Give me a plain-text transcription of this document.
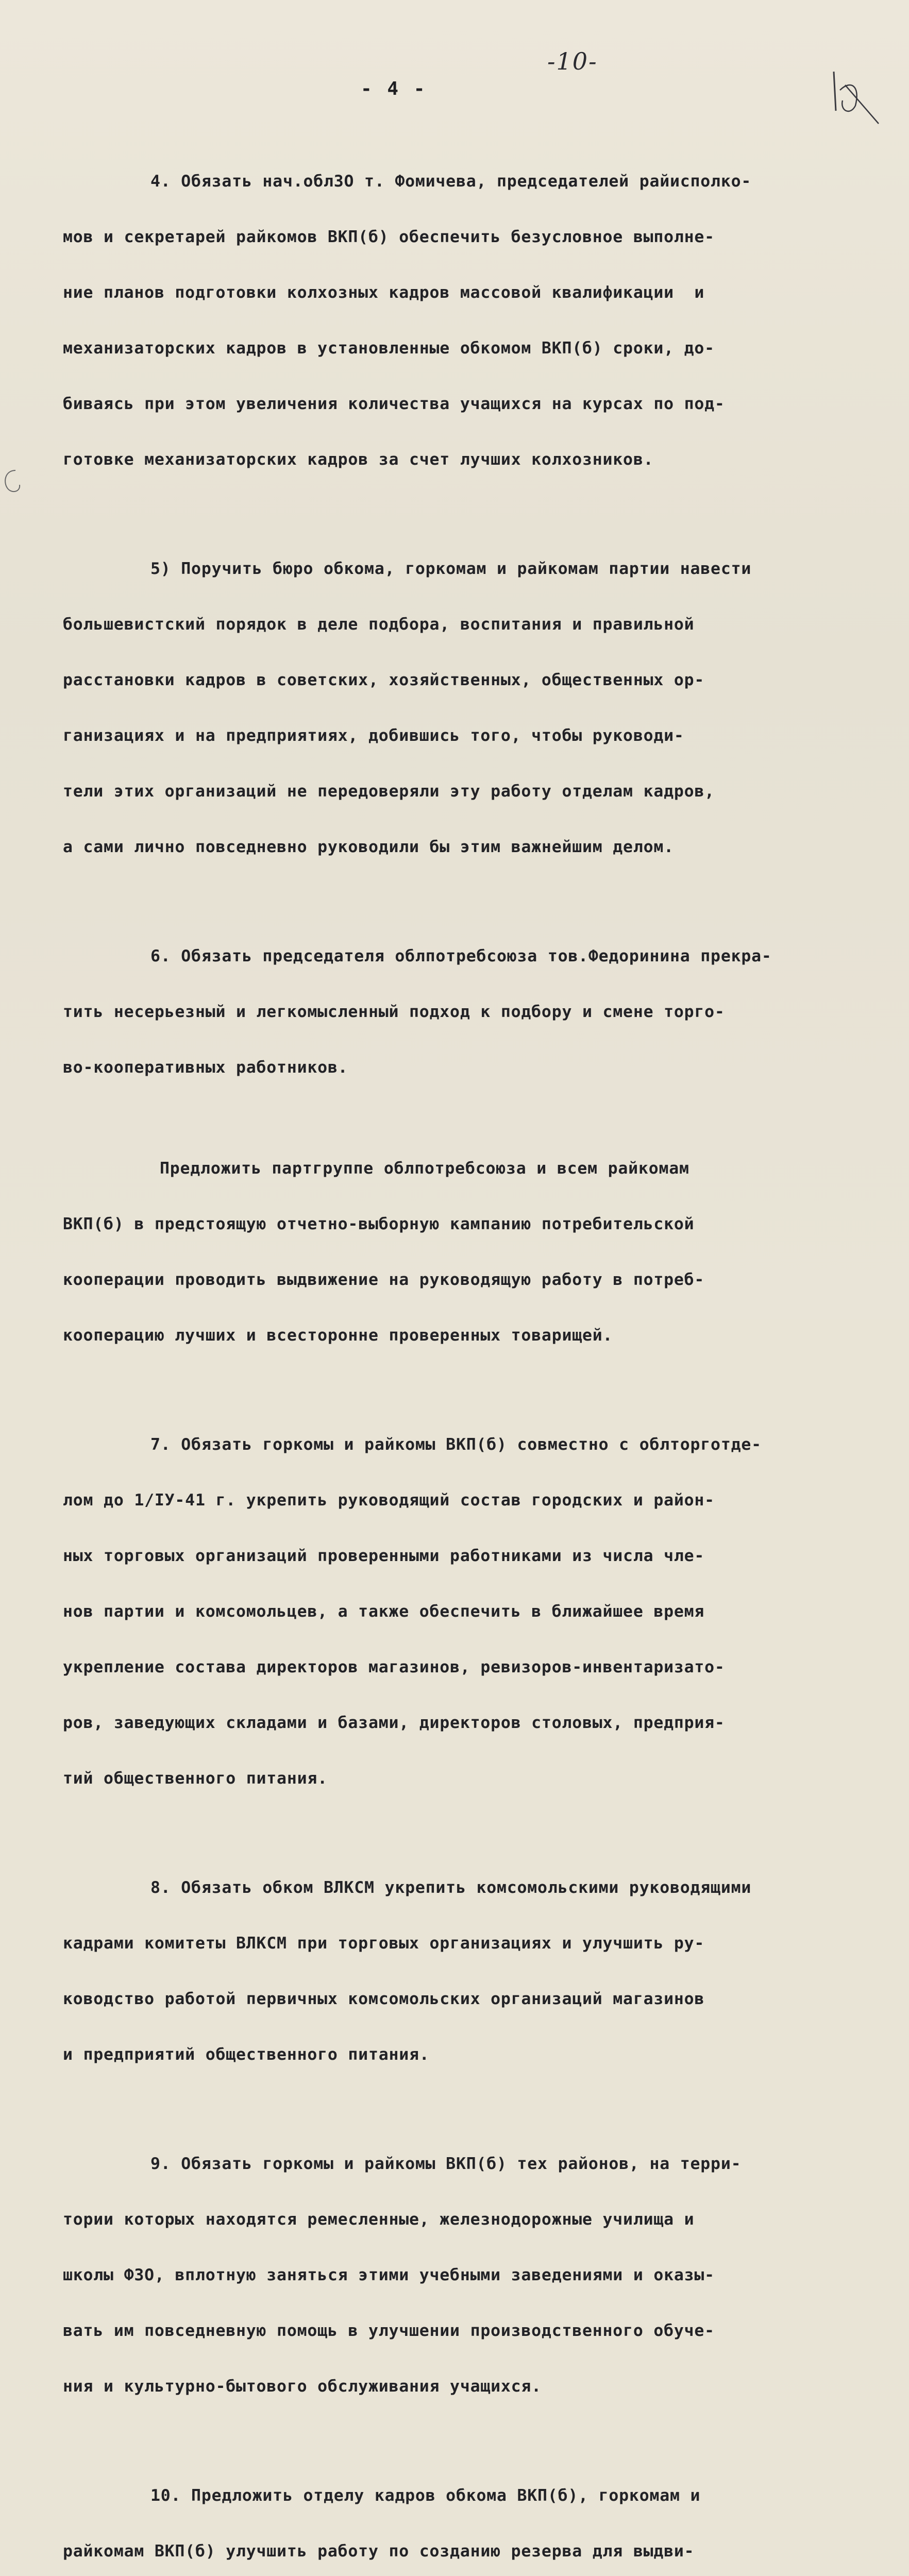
-10-
- 4 -

4. Обязать нач.облЗО т. Фомичева, председателей райисполко-

мов и секретарей райкомов ВКП(б) обеспечить безусловное выполне-

ние планов подготовки колхозных кадров массовой квалификации  и

механизаторских кадров в установленные обкомом ВКП(б) сроки, до-

биваясь при этом увеличения количества учащихся на курсах по под-

готовке механизаторских кадров за счет лучших колхозников.

5) Поручить бюро обкома, горкомам и райкомам партии навести

большевистский порядок в деле подбора, воспитания и правильной

расстановки кадров в советских, хозяйственных, общественных ор-

ганизациях и на предприятиях, добившись того, чтобы руководи-

тели этих организаций не передоверяли эту работу отделам кадров,

а сами лично повседневно руководили бы этим важнейшим делом.

6. Обязать председателя облпотребсоюза тов.Федоринина прекра-

тить несерьезный и легкомысленный подход к подбору и смене торго-

во-кооперативных работников.

Предложить партгруппе облпотребсоюза и всем райкомам

ВКП(б) в предстоящую отчетно-выборную кампанию потребительской

кооперации проводить выдвижение на руководящую работу в потреб-

кооперацию лучших и всесторонне проверенных товарищей.

7. Обязать горкомы и райкомы ВКП(б) совместно с облторготде-

лом до 1/IУ-41 г. укрепить руководящий состав городских и район-

ных торговых организаций проверенными работниками из числа чле-

нов партии и комсомольцев, а также обеспечить в ближайшее время

укрепление состава директоров магазинов, ревизоров-инвентаризато-

ров, заведующих складами и базами, директоров столовых, предприя-

тий общественного питания.

8. Обязать обком ВЛКСМ укрепить комсомольскими руководящими

кадрами комитеты ВЛКСМ при торговых организациях и улучшить ру-

ководство работой первичных комсомольских организаций магазинов

и предприятий общественного питания.

9. Обязать горкомы и райкомы ВКП(б) тех районов, на терри-

тории которых находятся ремесленные, железнодорожные училища и

школы ФЗО, вплотную заняться этими учебными заведениями и оказы-

вать им повседневную помощь в улучшении производственного обуче-

ния и культурно-бытового обслуживания учащихся.

10. Предложить отделу кадров обкома ВКП(б), горкомам и

райкомам ВКП(б) улучшить работу по созданию резерва для выдви-
